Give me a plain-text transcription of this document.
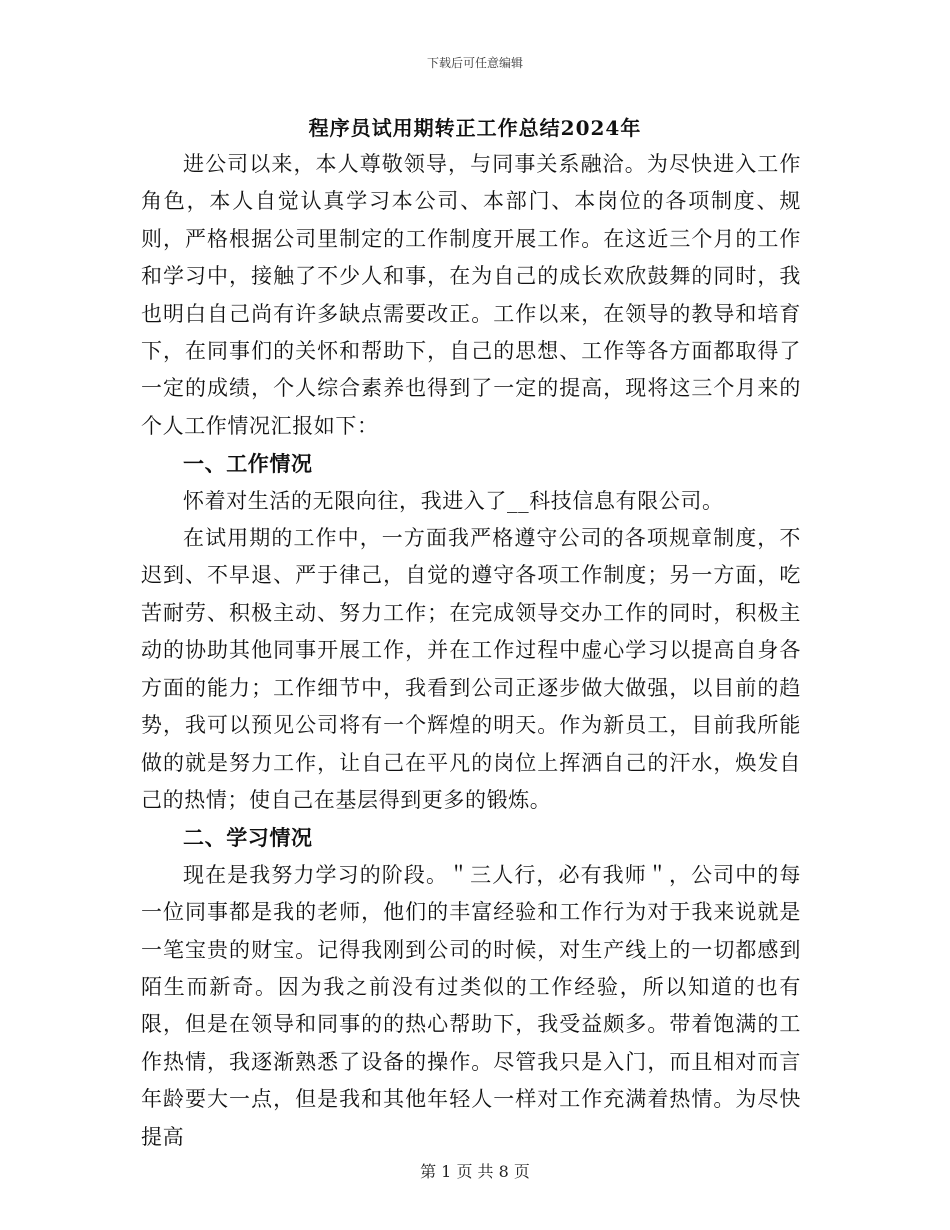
下载后可任意编辑
程序员试用期转正工作总结2024年

进公司以来，本人尊敬领导，与同事关系融洽。为尽快进入工作角色，本人自觉认真学习本公司、本部门、本岗位的各项制度、规则，严格根据公司里制定的工作制度开展工作。在这近三个月的工作和学习中，接触了不少人和事，在为自己的成长欢欣鼓舞的同时，我也明白自己尚有许多缺点需要改正。工作以来，在领导的教导和培育下，在同事们的关怀和帮助下，自己的思想、工作等各方面都取得了一定的成绩，个人综合素养也得到了一定的提高，现将这三个月来的个人工作情况汇报如下：

一、工作情况

怀着对生活的无限向往，我进入了__科技信息有限公司。

在试用期的工作中，一方面我严格遵守公司的各项规章制度，不迟到、不早退、严于律己，自觉的遵守各项工作制度；另一方面，吃苦耐劳、积极主动、努力工作；在完成领导交办工作的同时，积极主动的协助其他同事开展工作，并在工作过程中虚心学习以提高自身各方面的能力；工作细节中，我看到公司正逐步做大做强，以目前的趋势，我可以预见公司将有一个辉煌的明天。作为新员工，目前我所能做的就是努力工作，让自己在平凡的岗位上挥洒自己的汗水，焕发自己的热情；使自己在基层得到更多的锻炼。

二、学习情况

现在是我努力学习的阶段。＂三人行，必有我师＂，公司中的每一位同事都是我的老师，他们的丰富经验和工作行为对于我来说就是一笔宝贵的财宝。记得我刚到公司的时候，对生产线上的一切都感到陌生而新奇。因为我之前没有过类似的工作经验，所以知道的也有限，但是在领导和同事的的热心帮助下，我受益颇多。带着饱满的工作热情，我逐渐熟悉了设备的操作。尽管我只是入门，而且相对而言年龄要大一点，但是我和其他年轻人一样对工作充满着热情。为尽快提高

第 1 页 共 8 页
